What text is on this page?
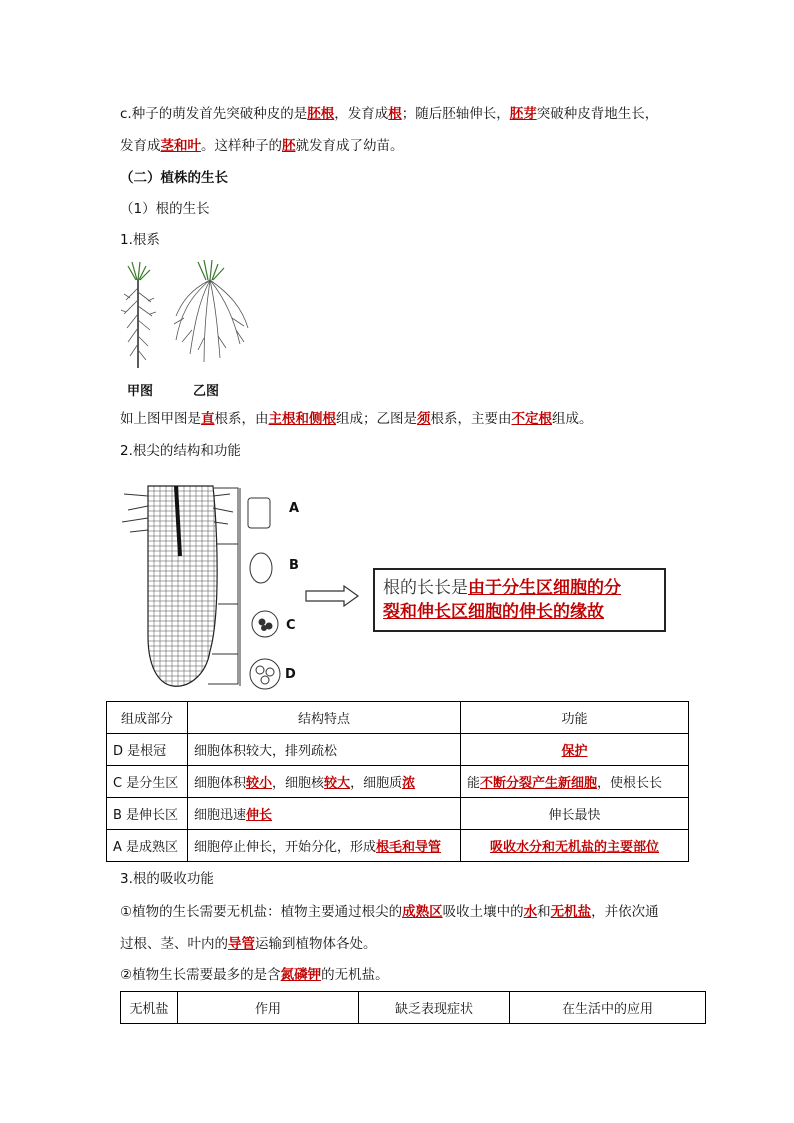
c.种子的萌发首先突破种皮的是胚根，发育成根；随后胚轴伸长，胚芽突破种皮背地生长，
发育成茎和叶。这样种子的胚就发育成了幼苗。
（二）植株的生长
（1）根的生长
1.根系
甲图	乙图
如上图甲图是直根系，由主根和侧根组成；乙图是须根系，主要由不定根组成。
2.根尖的结构和功能
A
B
C
D
根的长长是由于分生区细胞的分
裂和伸长区细胞的伸长的缘故
组成部分	结构特点	功能
D 是根冠	细胞体积较大，排列疏松	保护
C 是分生区	细胞体积较小，细胞核较大，细胞质浓	能不断分裂产生新细胞，使根长长
B 是伸长区	细胞迅速伸长	伸长最快
A 是成熟区	细胞停止伸长，开始分化，形成根毛和导管	吸收水分和无机盐的主要部位
3.根的吸收功能
①植物的生长需要无机盐：植物主要通过根尖的成熟区吸收土壤中的水和无机盐，并依次通
过根、茎、叶内的导管运输到植物体各处。
②植物生长需要最多的是含氮磷钾的无机盐。
无机盐	作用	缺乏表现症状	在生活中的应用
